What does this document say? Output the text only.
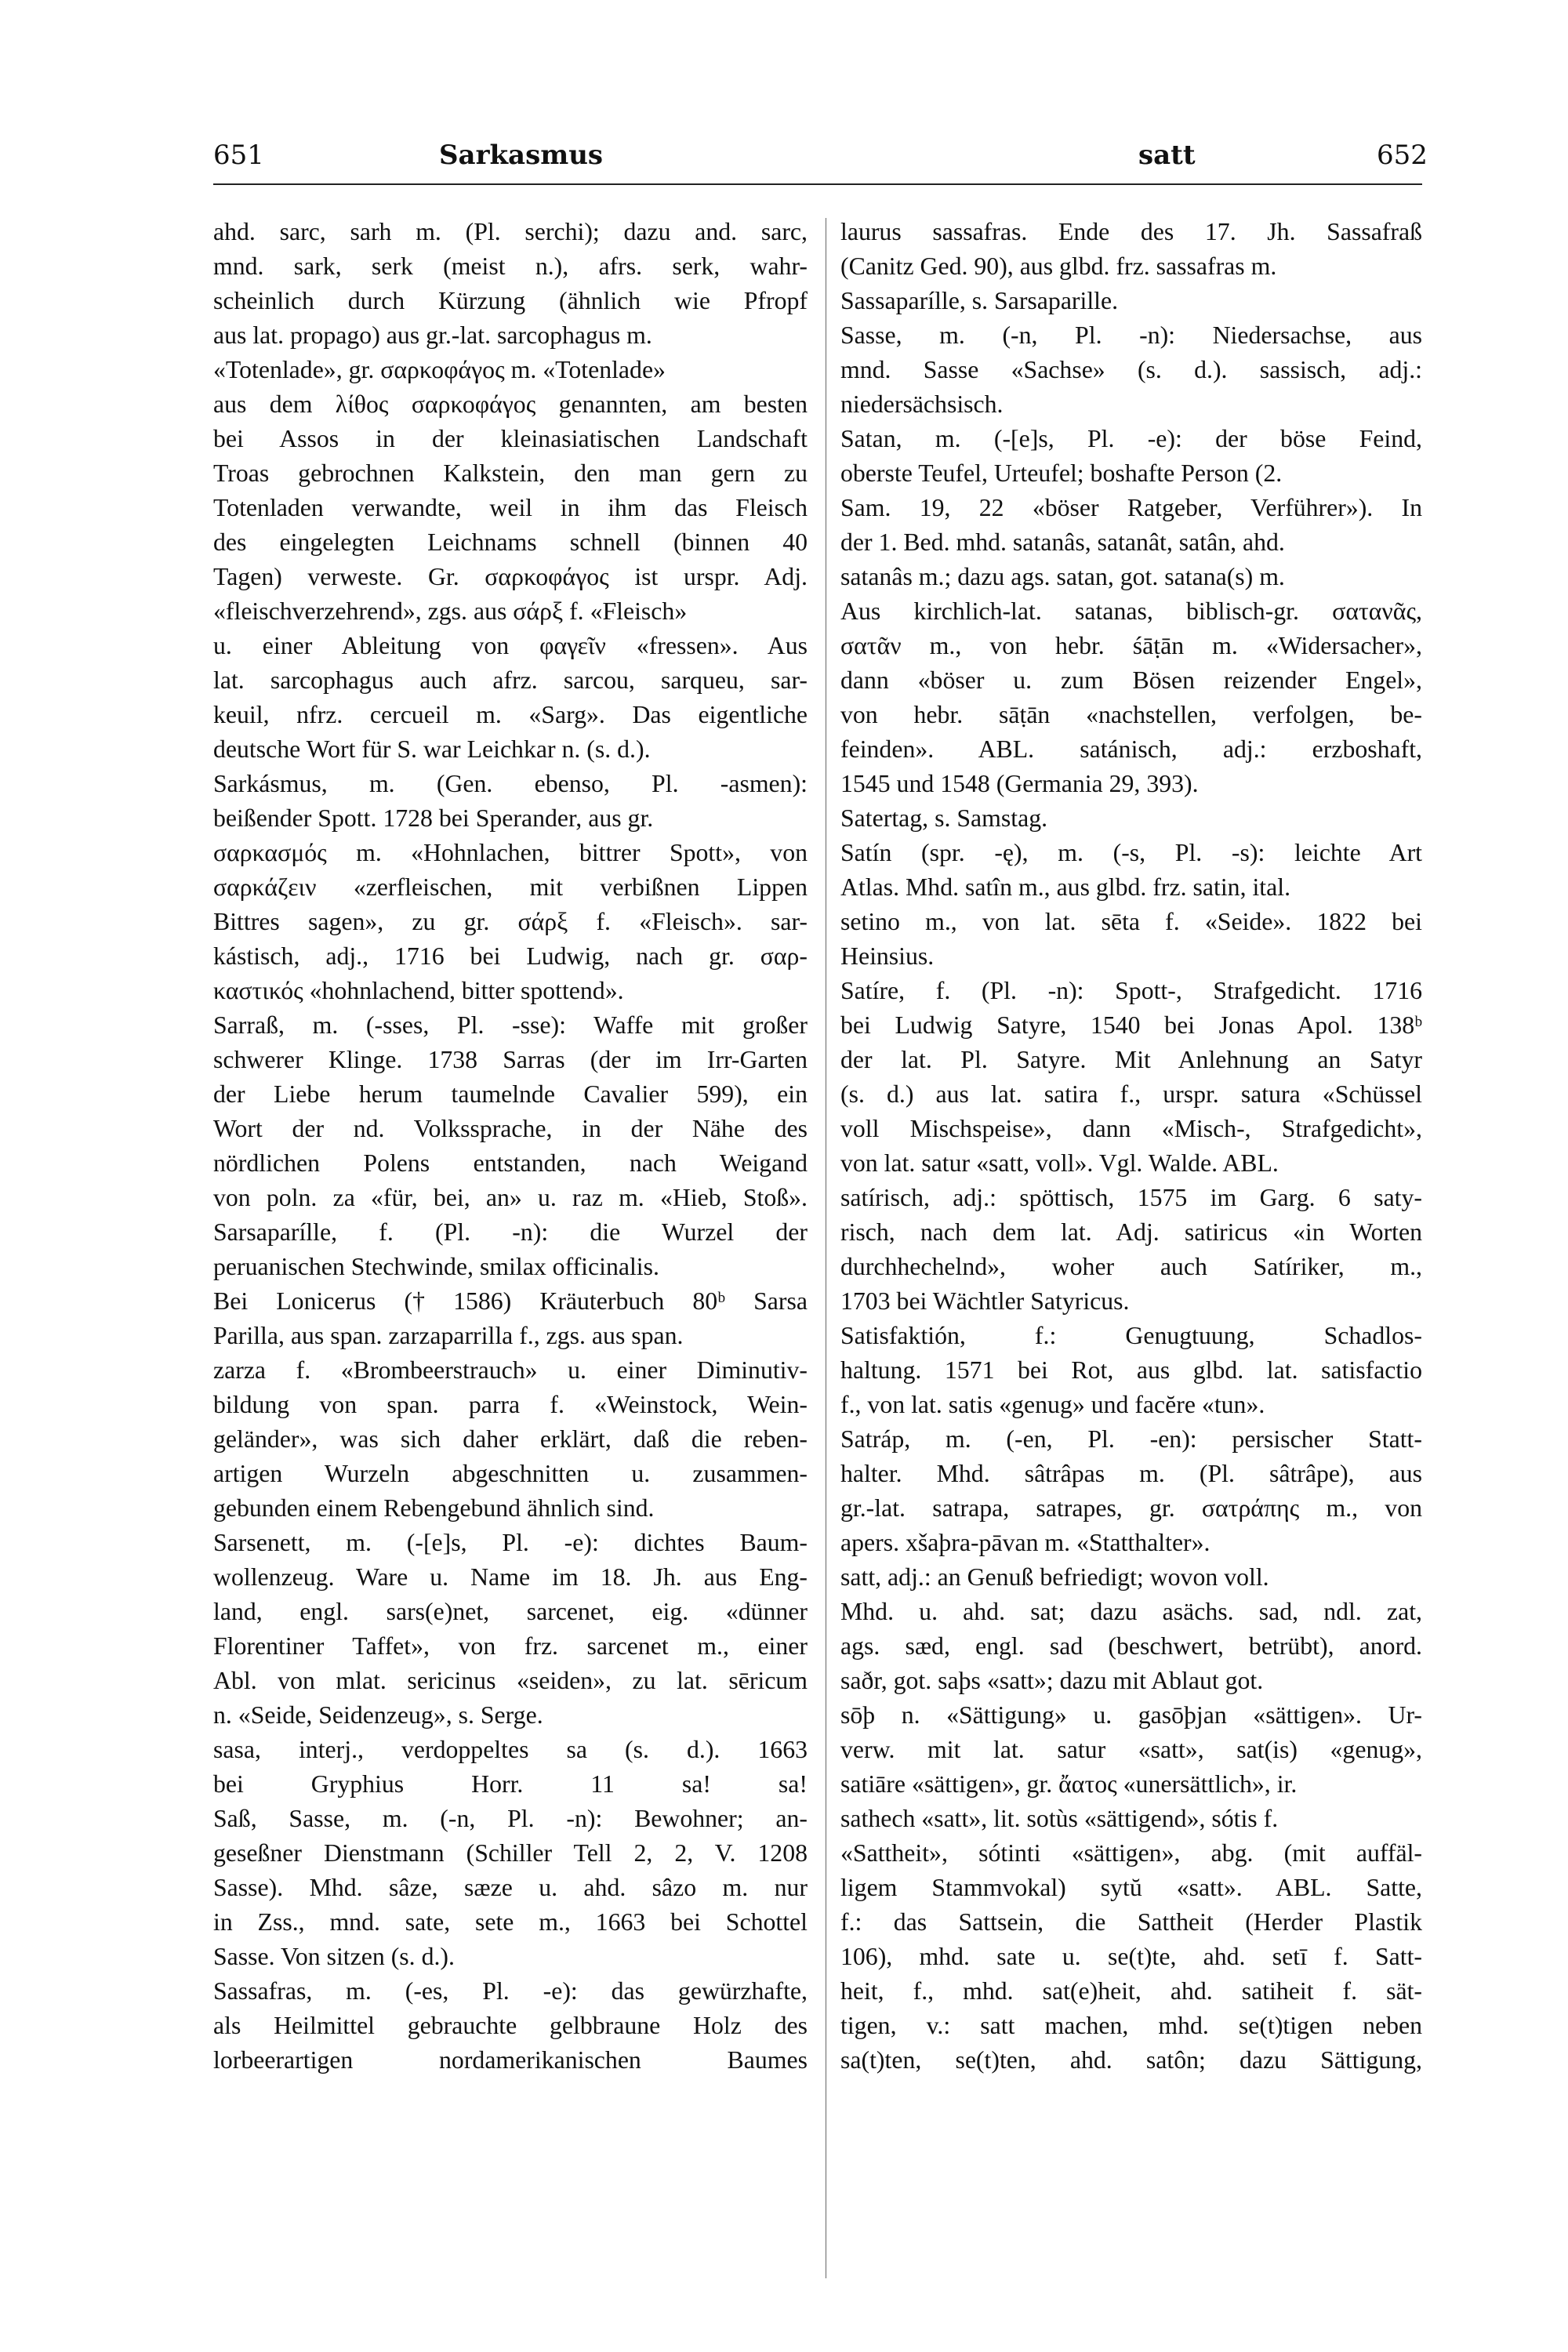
651	Sarkasmus	satt	652
ahd. sarc, sarh m. (Pl. serchi); dazu and. sarc,
mnd. sark, serk (meist n.), afrs. serk, wahr-
scheinlich durch Kürzung (ähnlich wie Pfropf
aus lat. propago) aus gr.-lat. sarcophagus m.
«Totenlade», gr. σαρκοφάγος m. «Totenlade»
aus dem λίθος σαρκοφάγος genannten, am besten
bei Assos in der kleinasiatischen Landschaft
Troas gebrochnen Kalkstein, den man gern zu
Totenladen verwandte, weil in ihm das Fleisch
des eingelegten Leichnams schnell (binnen 40
Tagen) verweste. Gr. σαρκοφάγος ist urspr. Adj.
«fleischverzehrend», zgs. aus σάρξ f. «Fleisch»
u. einer Ableitung von φαγεῖν «fressen». Aus
lat. sarcophagus auch afrz. sarcou, sarqueu, sar-
keuil, nfrz. cercueil m. «Sarg». Das eigentliche
deutsche Wort für S. war Leichkar n. (s. d.).
Sarkásmus, m. (Gen. ebenso, Pl. -asmen):
beißender Spott. 1728 bei Sperander, aus gr.
σαρκασμός m. «Hohnlachen, bittrer Spott», von
σαρκάζειν «zerfleischen, mit verbißnen Lippen
Bittres sagen», zu gr. σάρξ f. «Fleisch». sar-
kástisch, adj., 1716 bei Ludwig, nach gr. σαρ-
καστικός «hohnlachend, bitter spottend».
Sarraß, m. (-sses, Pl. -sse): Waffe mit großer
schwerer Klinge. 1738 Sarras (der im Irr-Garten
der Liebe herum taumelnde Cavalier 599), ein
Wort der nd. Volkssprache, in der Nähe des
nördlichen Polens entstanden, nach Weigand
von poln. za «für, bei, an» u. raz m. «Hieb, Stoß».
Sarsaparílle, f. (Pl. -n): die Wurzel der
peruanischen Stechwinde, smilax officinalis.
Bei Lonicerus († 1586) Kräuterbuch 80ᵇ Sarsa
Parilla, aus span. zarzaparrilla f., zgs. aus span.
zarza f. «Brombeerstrauch» u. einer Diminutiv-
bildung von span. parra f. «Weinstock, Wein-
geländer», was sich daher erklärt, daß die reben-
artigen Wurzeln abgeschnitten u. zusammen-
gebunden einem Rebengebund ähnlich sind.
Sarsenett, m. (-[e]s, Pl. -e): dichtes Baum-
wollenzeug. Ware u. Name im 18. Jh. aus Eng-
land, engl. sars(e)net, sarcenet, eig. «dünner
Florentiner Taffet», von frz. sarcenet m., einer
Abl. von mlat. sericinus «seiden», zu lat. sēricum
n. «Seide, Seidenzeug», s. Serge.
sasa, interj., verdoppeltes sa (s. d.). 1663
bei Gryphius Horr. 11 sa! sa!
Saß, Sasse, m. (-n, Pl. -n): Bewohner; an-
geseßner Dienstmann (Schiller Tell 2, 2, V. 1208
Sasse). Mhd. sâze, sæze u. ahd. sâzo m. nur
in Zss., mnd. sate, sete m., 1663 bei Schottel
Sasse. Von sitzen (s. d.).
Sassafras, m. (-es, Pl. -e): das gewürzhafte,
als Heilmittel gebrauchte gelbbraune Holz des
lorbeerartigen nordamerikanischen Baumes
laurus sassafras. Ende des 17. Jh. Sassafraß
(Canitz Ged. 90), aus glbd. frz. sassafras m.
Sassaparílle, s. Sarsaparille.
Sasse, m. (-n, Pl. -n): Niedersachse, aus
mnd. Sasse «Sachse» (s. d.). sassisch, adj.:
niedersächsisch.
Satan, m. (-[e]s, Pl. -e): der böse Feind,
oberste Teufel, Urteufel; boshafte Person (2.
Sam. 19, 22 «böser Ratgeber, Verführer»). In
der 1. Bed. mhd. satanâs, satanât, satân, ahd.
satanâs m.; dazu ags. satan, got. satana(s) m.
Aus kirchlich-lat. satanas, biblisch-gr. σατανᾶς,
σατᾶν m., von hebr. śāṭān m. «Widersacher»,
dann «böser u. zum Bösen reizender Engel»,
von hebr. sāṭān «nachstellen, verfolgen, be-
feinden». ABL. satánisch, adj.: erzboshaft,
1545 und 1548 (Germania 29, 393).
Satertag, s. Samstag.
Satín (spr. -ę), m. (-s, Pl. -s): leichte Art
Atlas. Mhd. satîn m., aus glbd. frz. satin, ital.
setino m., von lat. sēta f. «Seide». 1822 bei
Heinsius.
Satíre, f. (Pl. -n): Spott-, Strafgedicht. 1716
bei Ludwig Satyre, 1540 bei Jonas Apol. 138ᵇ
der lat. Pl. Satyre. Mit Anlehnung an Satyr
(s. d.) aus lat. satira f., urspr. satura «Schüssel
voll Mischspeise», dann «Misch-, Strafgedicht»,
von lat. satur «satt, voll». Vgl. Walde. ABL.
satírisch, adj.: spöttisch, 1575 im Garg. 6 saty-
risch, nach dem lat. Adj. satiricus «in Worten
durchhechelnd», woher auch Satíriker, m.,
1703 bei Wächtler Satyricus.
Satisfaktión, f.: Genugtuung, Schadlos-
haltung. 1571 bei Rot, aus glbd. lat. satisfactio
f., von lat. satis «genug» und facĕre «tun».
Satráp, m. (-en, Pl. -en): persischer Statt-
halter. Mhd. sâtrâpas m. (Pl. sâtrâpe), aus
gr.-lat. satrapa, satrapes, gr. σατράπης m., von
apers. xšaþra-pāvan m. «Statthalter».
satt, adj.: an Genuß befriedigt; wovon voll.
Mhd. u. ahd. sat; dazu asächs. sad, ndl. zat,
ags. sæd, engl. sad (beschwert, betrübt), anord.
saðr, got. saþs «satt»; dazu mit Ablaut got.
sōþ n. «Sättigung» u. gasōþjan «sättigen». Ur-
verw. mit lat. satur «satt», sat(is) «genug»,
satiāre «sättigen», gr. ἄατος «unersättlich», ir.
sathech «satt», lit. sotùs «sättigend», sótis f.
«Sattheit», sótinti «sättigen», abg. (mit auffäl-
ligem Stammvokal) sytŭ «satt». ABL. Satte,
f.: das Sattsein, die Sattheit (Herder Plastik
106), mhd. sate u. se(t)te, ahd. setī f. Satt-
heit, f., mhd. sat(e)heit, ahd. satiheit f. sät-
tigen, v.: satt machen, mhd. se(t)tigen neben
sa(t)ten, se(t)ten, ahd. satôn; dazu Sättigung,
